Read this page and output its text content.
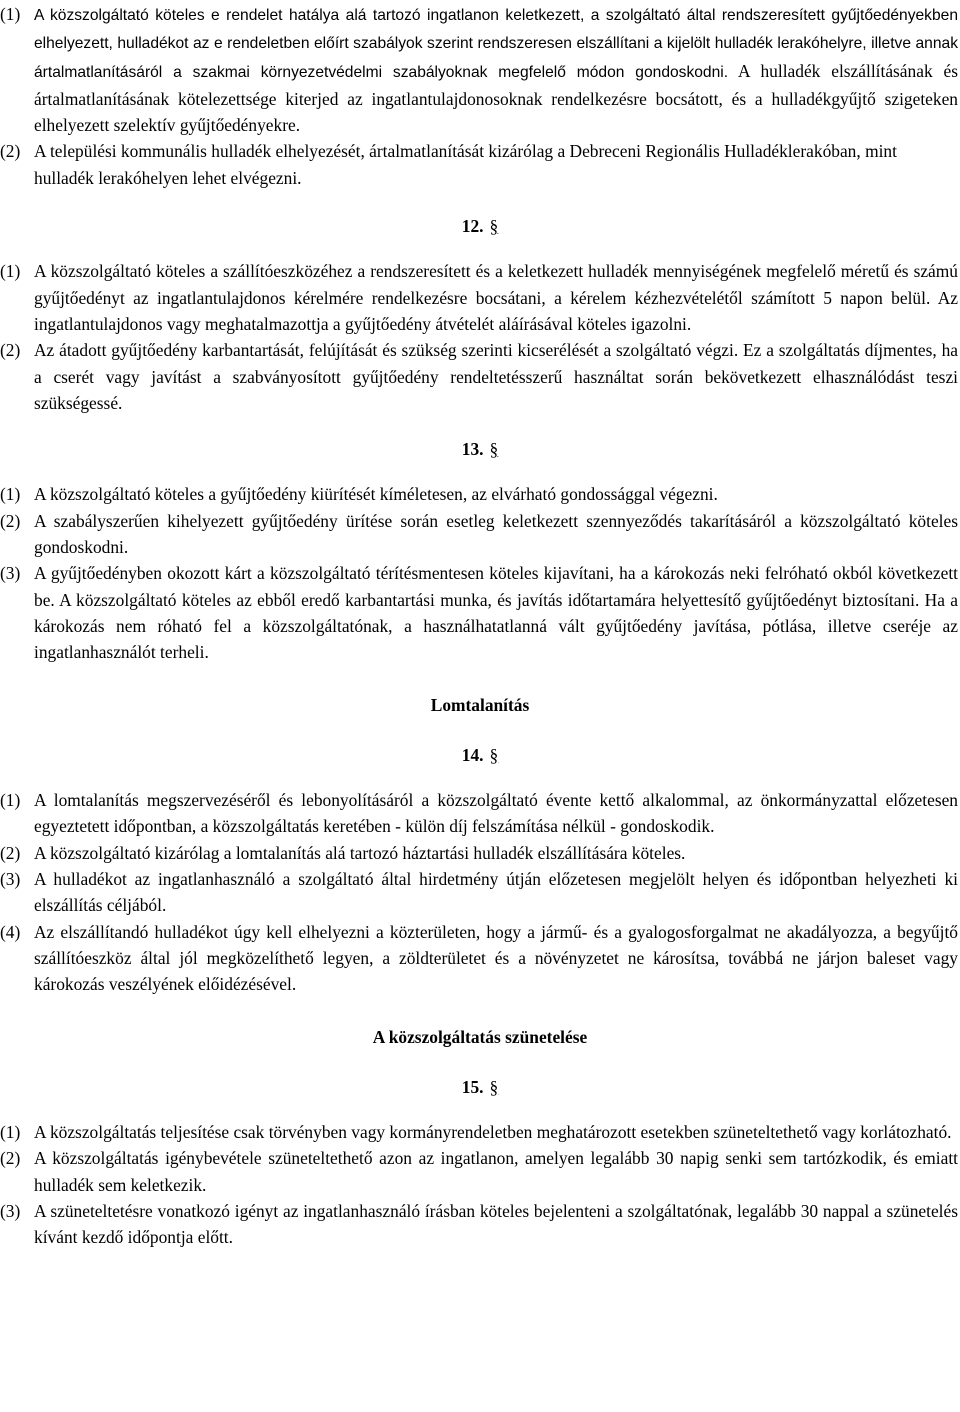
(1) A közszolgáltató köteles e rendelet hatálya alá tartozó ingatlanon keletkezett, a szolgáltató által rendszeresített gyűjtőedényekben elhelyezett, hulladékot az e rendeletben előírt szabályok szerint rendszeresen elszállítani a kijelölt hulladék lerakóhelyre, illetve annak ártalmatlanításáról a szakmai környezetvédelmi szabályoknak megfelelő módon gondoskodni. A hulladék elszállításának és ártalmatlanításának kötelezettsége kiterjed az ingatlantulajdonosoknak rendelkezésre bocsátott, és a hulladékgyűjtő szigeteken elhelyezett szelektív gyűjtőedényekre.
(2) A települési kommunális hulladék elhelyezését, ártalmatlanítását kizárólag a Debreceni Regionális Hulladéklerakóban, mint hulladék lerakóhelyen lehet elvégezni.
12. §
(1) A közszolgáltató köteles a szállítóeszközéhez a rendszeresített és a keletkezett hulladék mennyiségének megfelelő méretű és számú gyűjtőedényt az ingatlantulajdonos kérelmére rendelkezésre bocsátani, a kérelem kézhezvételétől számított 5 napon belül. Az ingatlantulajdonos vagy meghatalmazottja a gyűjtőedény átvételét aláírásával köteles igazolni.
(2) Az átadott gyűjtőedény karbantartását, felújítását és szükség szerinti kicserélését a szolgáltató végzi. Ez a szolgáltatás díjmentes, ha a cserét vagy javítást a szabványosított gyűjtőedény rendeltetésszerű használtat során bekövetkezett elhasználódást teszi szükségessé.
13. §
(1) A közszolgáltató köteles a gyűjtőedény kiürítését kíméletesen, az elvárható gondossággal végezni.
(2) A szabályszerűen kihelyezett gyűjtőedény ürítése során esetleg keletkezett szennyeződés takarításáról a közszolgáltató köteles gondoskodni.
(3) A gyűjtőedényben okozott kárt a közszolgáltató térítésmentesen köteles kijavítani, ha a károkozás neki felróható okból következett be. A közszolgáltató köteles az ebből eredő karbantartási munka, és javítás időtartamára helyettesítő gyűjtőedényt biztosítani. Ha a károkozás nem róható fel a közszolgáltatónak, a használhatatlanná vált gyűjtőedény javítása, pótlása, illetve cseréje az ingatlanhasználót terheli.
Lomtalanítás
14. §
(1) A lomtalanítás megszervezéséről és lebonyolításáról a közszolgáltató évente kettő alkalommal, az önkormányzattal előzetesen egyeztetett időpontban, a közszolgáltatás keretében - külön díj felszámítása nélkül - gondoskodik.
(2) A közszolgáltató kizárólag a lomtalanítás alá tartozó háztartási hulladék elszállítására köteles.
(3) A hulladékot az ingatlanhasználó a szolgáltató által hirdetmény útján előzetesen megjelölt helyen és időpontban helyezheti ki elszállítás céljából.
(4) Az elszállítandó hulladékot úgy kell elhelyezni a közterületen, hogy a jármű- és a gyalogosforgalmat ne akadályozza, a begyűjtő szállítóeszköz által jól megközelíthető legyen, a zöldterületet és a növényzetet ne károsítsa, továbbá ne járjon baleset vagy károkozás veszélyének előidézésével.
A közszolgáltatás szünetelése
15. §
(1) A közszolgáltatás teljesítése csak törvényben vagy kormányrendeletben meghatározott esetekben szüneteltethető vagy korlátozható.
(2) A közszolgáltatás igénybevétele szüneteltethető azon az ingatlanon, amelyen legalább 30 napig senki sem tartózkodik, és emiatt hulladék sem keletkezik.
(3) A szüneteltetésre vonatkozó igényt az ingatlanhasználó írásban köteles bejelenteni a szolgáltatónak, legalább 30 nappal a szünetelés kívánt kezdő időpontja előtt.
